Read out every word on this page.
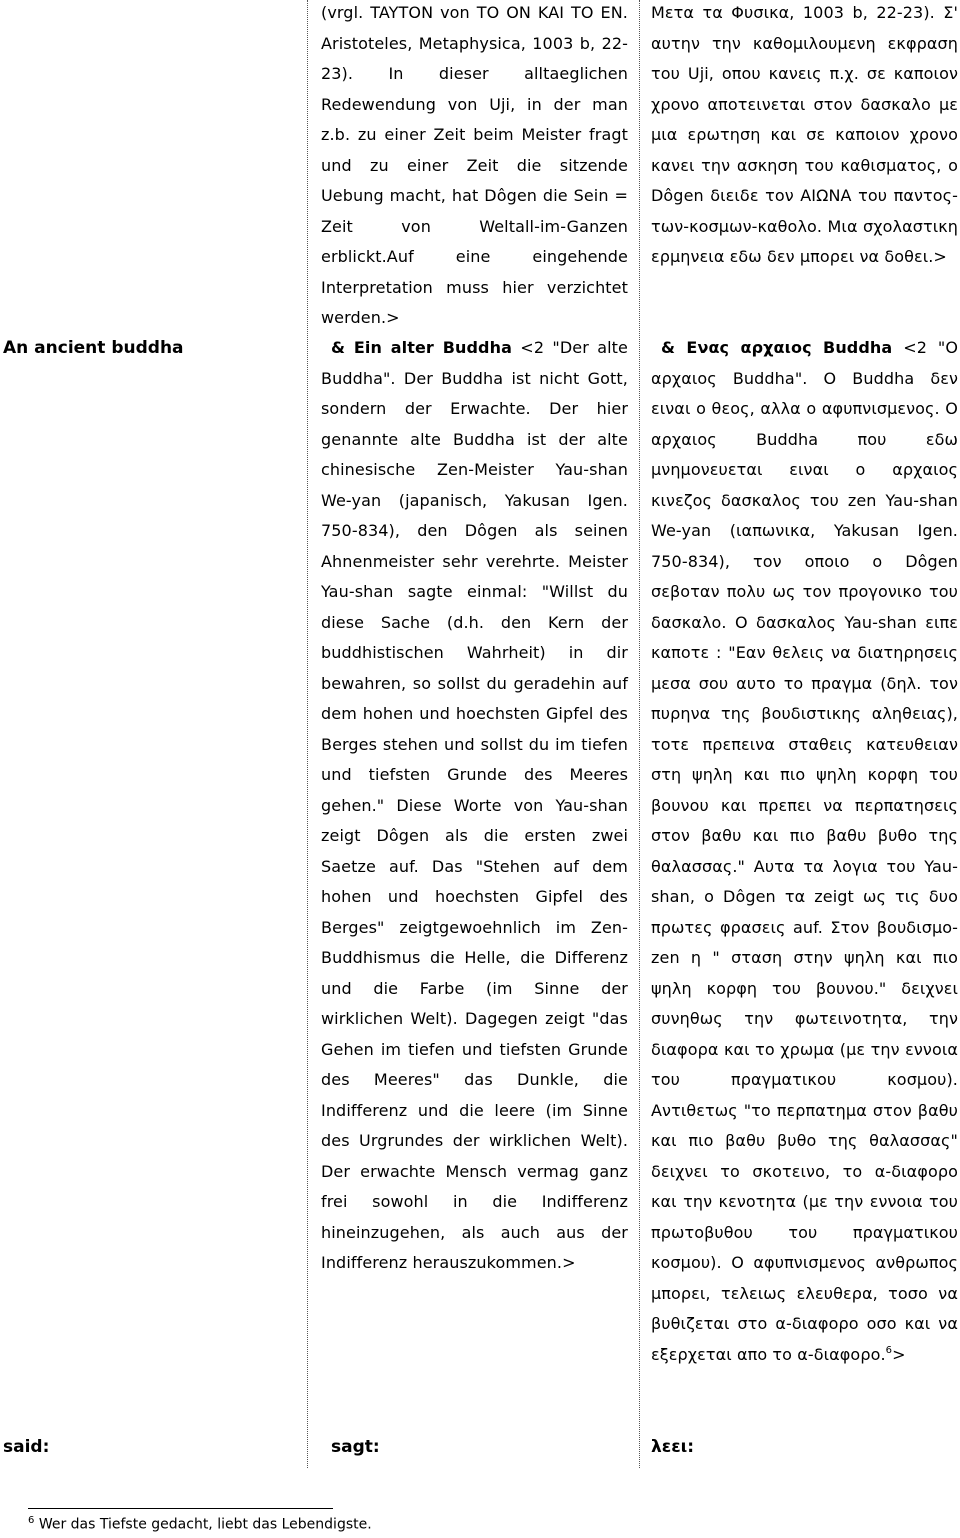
An ancient buddha

said:

(vrgl. TAYTON von TO ON KAI TO EN. Aristoteles, Metaphysica, 1003 b, 22-23). In dieser alltaeglichen Redewendung von Uji, in der man z.b. zu einer Zeit beim Meister fragt und zu einer Zeit die sitzende Uebung macht, hat Dôgen die Sein = Zeit von Weltall-im-Ganzen erblickt.Auf eine eingehende Interpretation muss hier verzichtet werden.>

& Ein alter Buddha <2 "Der alte Buddha". Der Buddha ist nicht Gott, sondern der Erwachte. Der hier genannte alte Buddha ist der alte chinesische Zen-Meister Yau-shan We-yan (japanisch, Yakusan Igen. 750-834), den Dôgen als seinen Ahnenmeister sehr verehrte. Meister Yau-shan sagte einmal: "Willst du diese Sache (d.h. den Kern der buddhistischen Wahrheit) in dir bewahren, so sollst du geradehin auf dem hohen und hoechsten Gipfel des Berges stehen und sollst du im tiefen und tiefsten Grunde des Meeres gehen." Diese Worte von Yau-shan zeigt Dôgen als die ersten zwei Saetze auf. Das "Stehen auf dem hohen und hoechsten Gipfel des Berges" zeigtgewoehnlich im Zen-Buddhismus die Helle, die Differenz und die Farbe (im Sinne der wirklichen Welt). Dagegen zeigt "das Gehen im tiefen und tiefsten Grunde des Meeres" das Dunkle, die Indifferenz und die leere (im Sinne des Urgrundes der wirklichen Welt). Der erwachte Mensch vermag ganz frei sowohl in die Indifferenz hineinzugehen, als auch aus der Indifferenz herauszukommen.>

sagt:

Μετα τα Φυσικα, 1003 b, 22-23). Σ' αυτην την καθομιλουμενη εκφραση του Uji, οπου κανεις π.χ. σε καποιον χρονο αποτεινεται στον δασκαλο με μια ερωτηση και σε καποιον χρονο κανει την ασκηση του καθισματος, ο Dôgen διειδε τον ΑΙΩΝΑ του παντος-των-κοσμων-καθολο. Μια σχολαστικη ερμηνεια εδω δεν μπορει να δοθει.>

& Ενας αρχαιος Buddha <2 "O αρχαιος Buddha". O Buddha δεν ειναι ο θεος, αλλα ο αφυπνισμενος. O αρχαιος Buddha που εδω μνημονευεται ειναι ο αρχαιος κινεζος δασκαλος του zen Yau-shan We-yan (ιαπωνικα, Yakusan Igen. 750-834), τον οποιο ο Dôgen σεβοταν πολυ ως τον προγονικο του δασκαλο. O δασκαλος Yau-shan ειπε καποτε : "Εαν θελεις να διατηρησεις μεσα σου αυτο το πραγμα (δηλ. τον πυρηνα της βουδιστικης αληθειας), τοτε πρεπεινα σταθεις κατευθειαν στη ψηλη και πιο ψηλη κορφη του βουνου και πρεπει να περπατησεις στον βαθυ και πιο βαθυ βυθο της θαλασσας." Αυτα τα λογια του Yau-shan, o Dôgen τα zeigt ως τις δυο πρωτες φρασεις auf. Στον βουδισμο-zen η " σταση στην ψηλη και πιο ψηλη κορφη του βουνου." δειχνει συνηθως την φωτεινοτητα, την διαφορα και το χρωμα (με την εννοια του πραγματικου κοσμου). Αντιθετως "το περπατημα στον βαθυ και πιο βαθυ βυθο της θαλασσας" δειχνει το σκοτεινο, το α-διαφορο και την κενοτητα (με την εννοια του πρωτοβυθου του πραγματικου κοσμου). O αφυπνισμενος ανθρωπος μπορει, τελειως ελευθερα, τοσο να βυθιζεται στο α-διαφορο οσο και να εξερχεται απο το α-διαφορο.$^6$>

λεει:

$^6$ Wer das Tiefste gedacht, liebt das Lebendigste.
